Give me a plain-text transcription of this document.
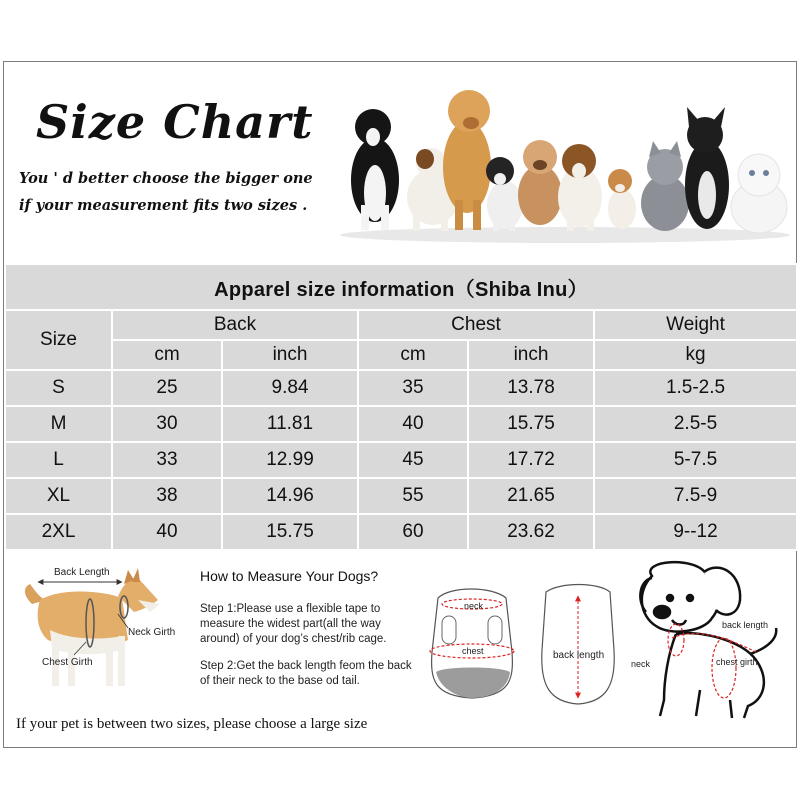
Size Chart
You ' d better choose the bigger one
if your measurement fits two sizes .
Apparel size information（Shiba Inu）					
Size	Back		Chest		Weight
	cm	inch	cm	inch	kg
S	25	9.84	35	13.78	1.5-2.5
M	30	11.81	40	15.75	2.5-5
L	33	12.99	45	17.72	5-7.5
XL	38	14.96	55	21.65	7.5-9
2XL	40	15.75	60	23.62	9--12
Back Length
Neck Girth
Chest Girth
neck
chest	back length
back length
neck	chest girth
How to Measure Your Dogs?
Step 1:Please use a flexible tape to measure the widest part(all the way around) of your dog’s chest/rib cage.
Step 2:Get the back length feom the back of their neck to the base od tail.
If your pet is between two sizes, please choose a large size
